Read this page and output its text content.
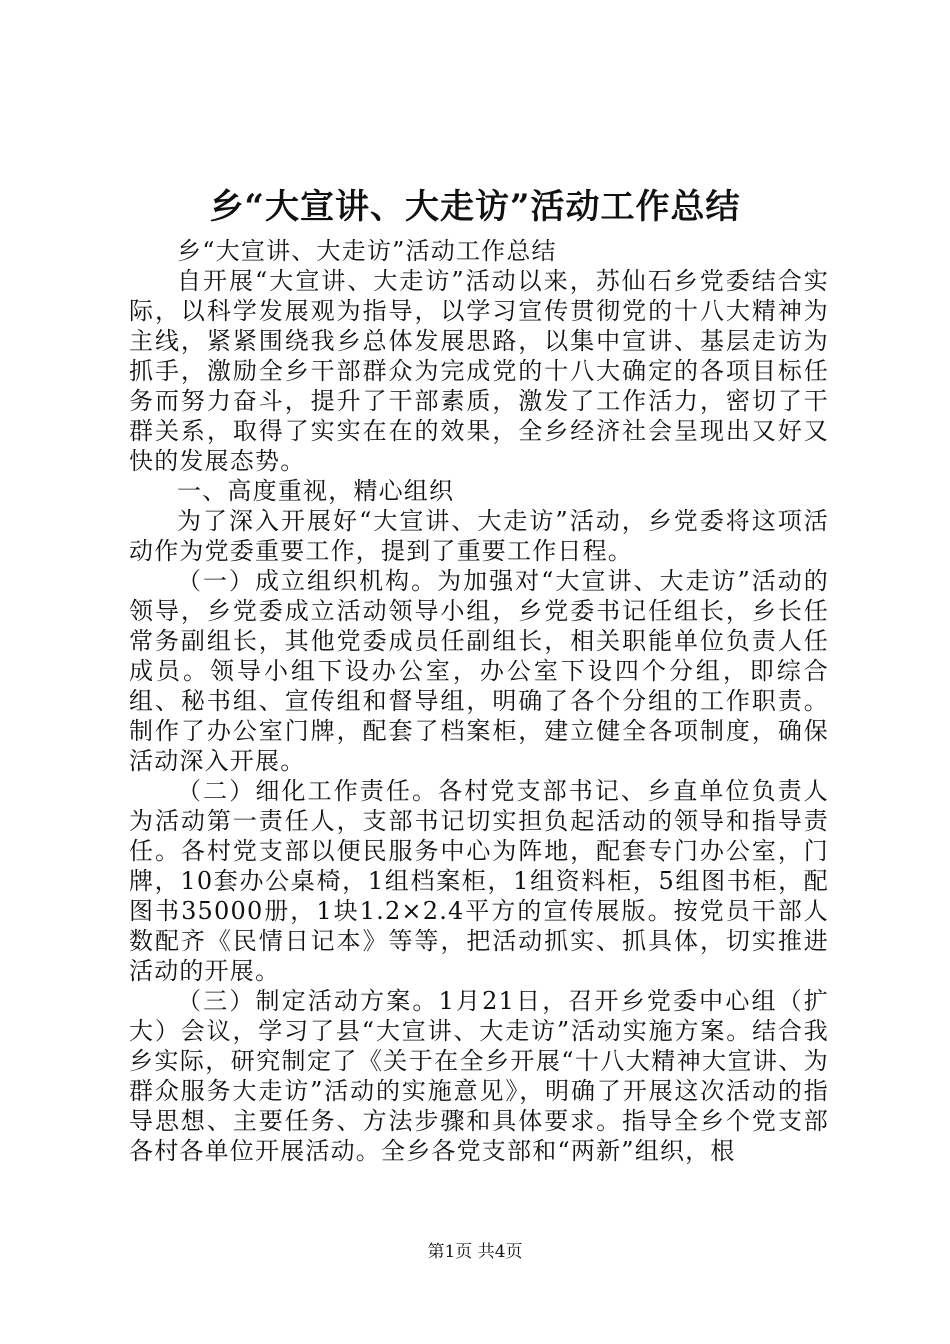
乡“大宣讲、大走访”活动工作总结

乡“大宣讲、大走访”活动工作总结

自开展“大宣讲、大走访”活动以来，苏仙石乡党委结合实际，以科学发展观为指导，以学习宣传贯彻党的十八大精神为主线，紧紧围绕我乡总体发展思路，以集中宣讲、基层走访为抓手，激励全乡干部群众为完成党的十八大确定的各项目标任务而努力奋斗，提升了干部素质，激发了工作活力，密切了干群关系，取得了实实在在的效果，全乡经济社会呈现出又好又快的发展态势。

一、高度重视，精心组织

为了深入开展好“大宣讲、大走访”活动，乡党委将这项活动作为党委重要工作，提到了重要工作日程。

（一）成立组织机构。为加强对“大宣讲、大走访”活动的领导，乡党委成立活动领导小组，乡党委书记任组长，乡长任常务副组长，其他党委成员任副组长，相关职能单位负责人任成员。领导小组下设办公室，办公室下设四个分组，即综合组、秘书组、宣传组和督导组，明确了各个分组的工作职责。制作了办公室门牌，配套了档案柜，建立健全各项制度，确保活动深入开展。

（二）细化工作责任。各村党支部书记、乡直单位负责人为活动第一责任人，支部书记切实担负起活动的领导和指导责任。各村党支部以便民服务中心为阵地，配套专门办公室，门牌，10套办公桌椅，1组档案柜，1组资料柜，5组图书柜，配图书35000册，1块1.2×2.4平方的宣传展版。按党员干部人数配齐《民情日记本》等等，把活动抓实、抓具体，切实推进活动的开展。

（三）制定活动方案。1月21日，召开乡党委中心组（扩大）会议，学习了县“大宣讲、大走访”活动实施方案。结合我乡实际，研究制定了《关于在全乡开展“十八大精神大宣讲、为群众服务大走访”活动的实施意见》，明确了开展这次活动的指导思想、主要任务、方法步骤和具体要求。指导全乡个党支部各村各单位开展活动。全乡各党支部和“两新”组织，根

第1页 共4页
